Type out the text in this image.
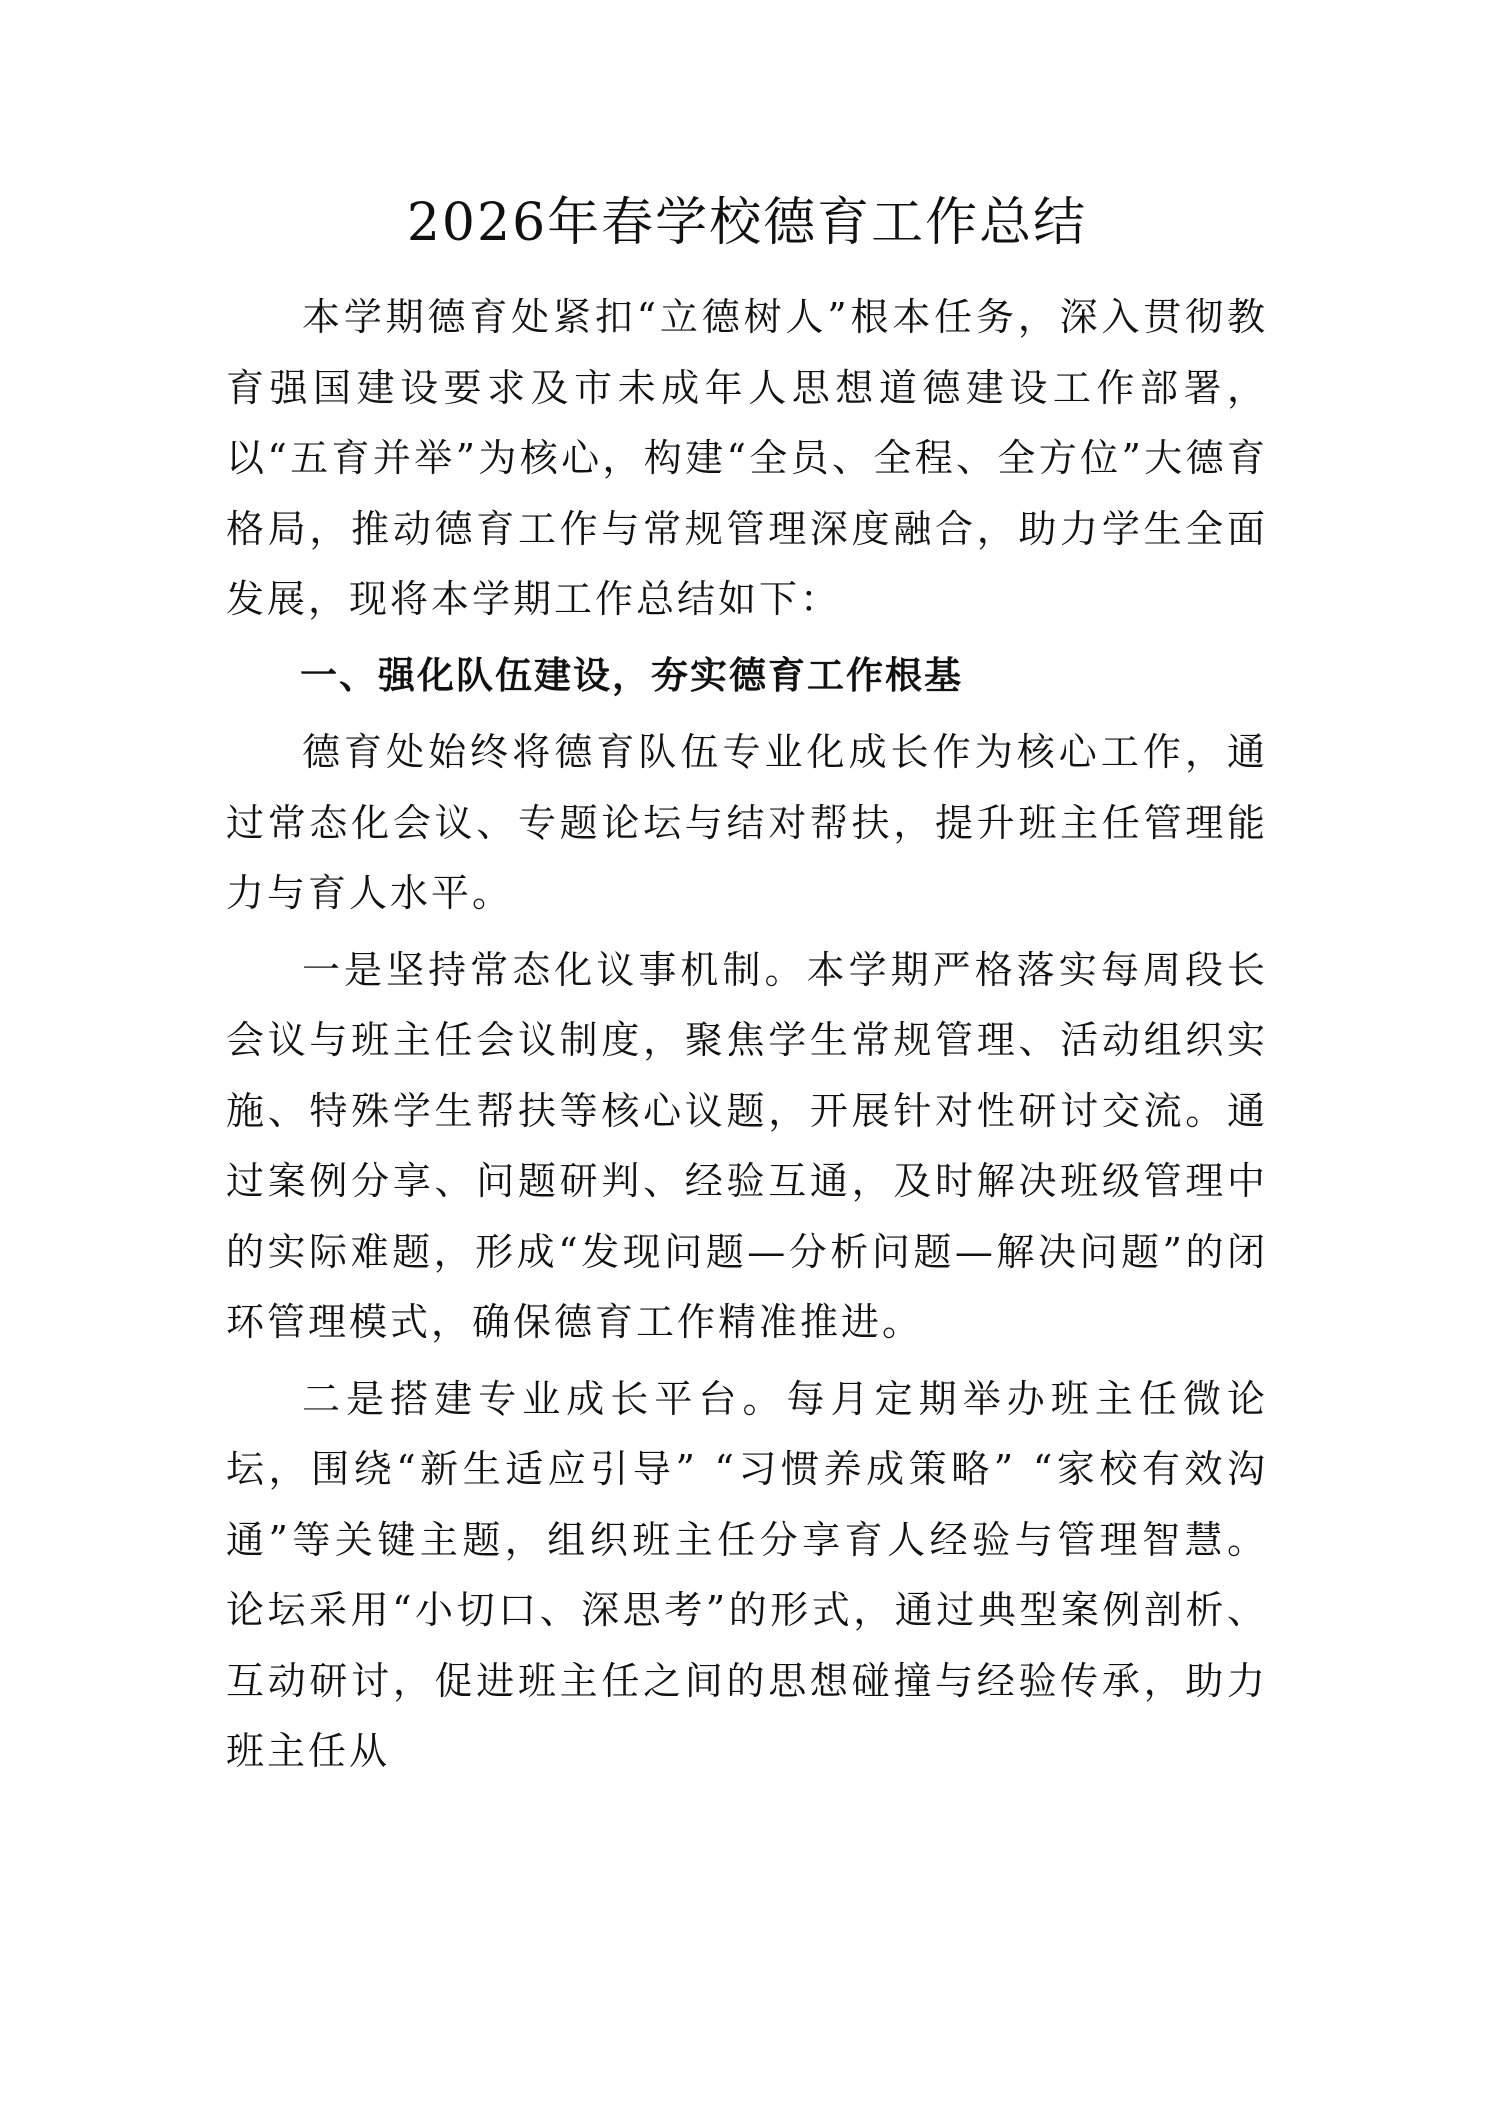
2026年春学校德育工作总结

本学期德育处紧扣“立德树人”根本任务，深入贯彻教育强国建设要求及市未成年人思想道德建设工作部署，以“五育并举”为核心，构建“全员、全程、全方位”大德育格局，推动德育工作与常规管理深度融合，助力学生全面发展，现将本学期工作总结如下：

一、强化队伍建设，夯实德育工作根基

德育处始终将德育队伍专业化成长作为核心工作，通过常态化会议、专题论坛与结对帮扶，提升班主任管理能力与育人水平。

一是坚持常态化议事机制。本学期严格落实每周段长会议与班主任会议制度，聚焦学生常规管理、活动组织实施、特殊学生帮扶等核心议题，开展针对性研讨交流。通过案例分享、问题研判、经验互通，及时解决班级管理中的实际难题，形成“发现问题—分析问题—解决问题”的闭环管理模式，确保德育工作精准推进。

二是搭建专业成长平台。每月定期举办班主任微论坛，围绕“新生适应引导” “习惯养成策略” “家校有效沟通”等关键主题，组织班主任分享育人经验与管理智慧。论坛采用“小切口、深思考”的形式，通过典型案例剖析、互动研讨，促进班主任之间的思想碰撞与经验传承，助力班主任从
